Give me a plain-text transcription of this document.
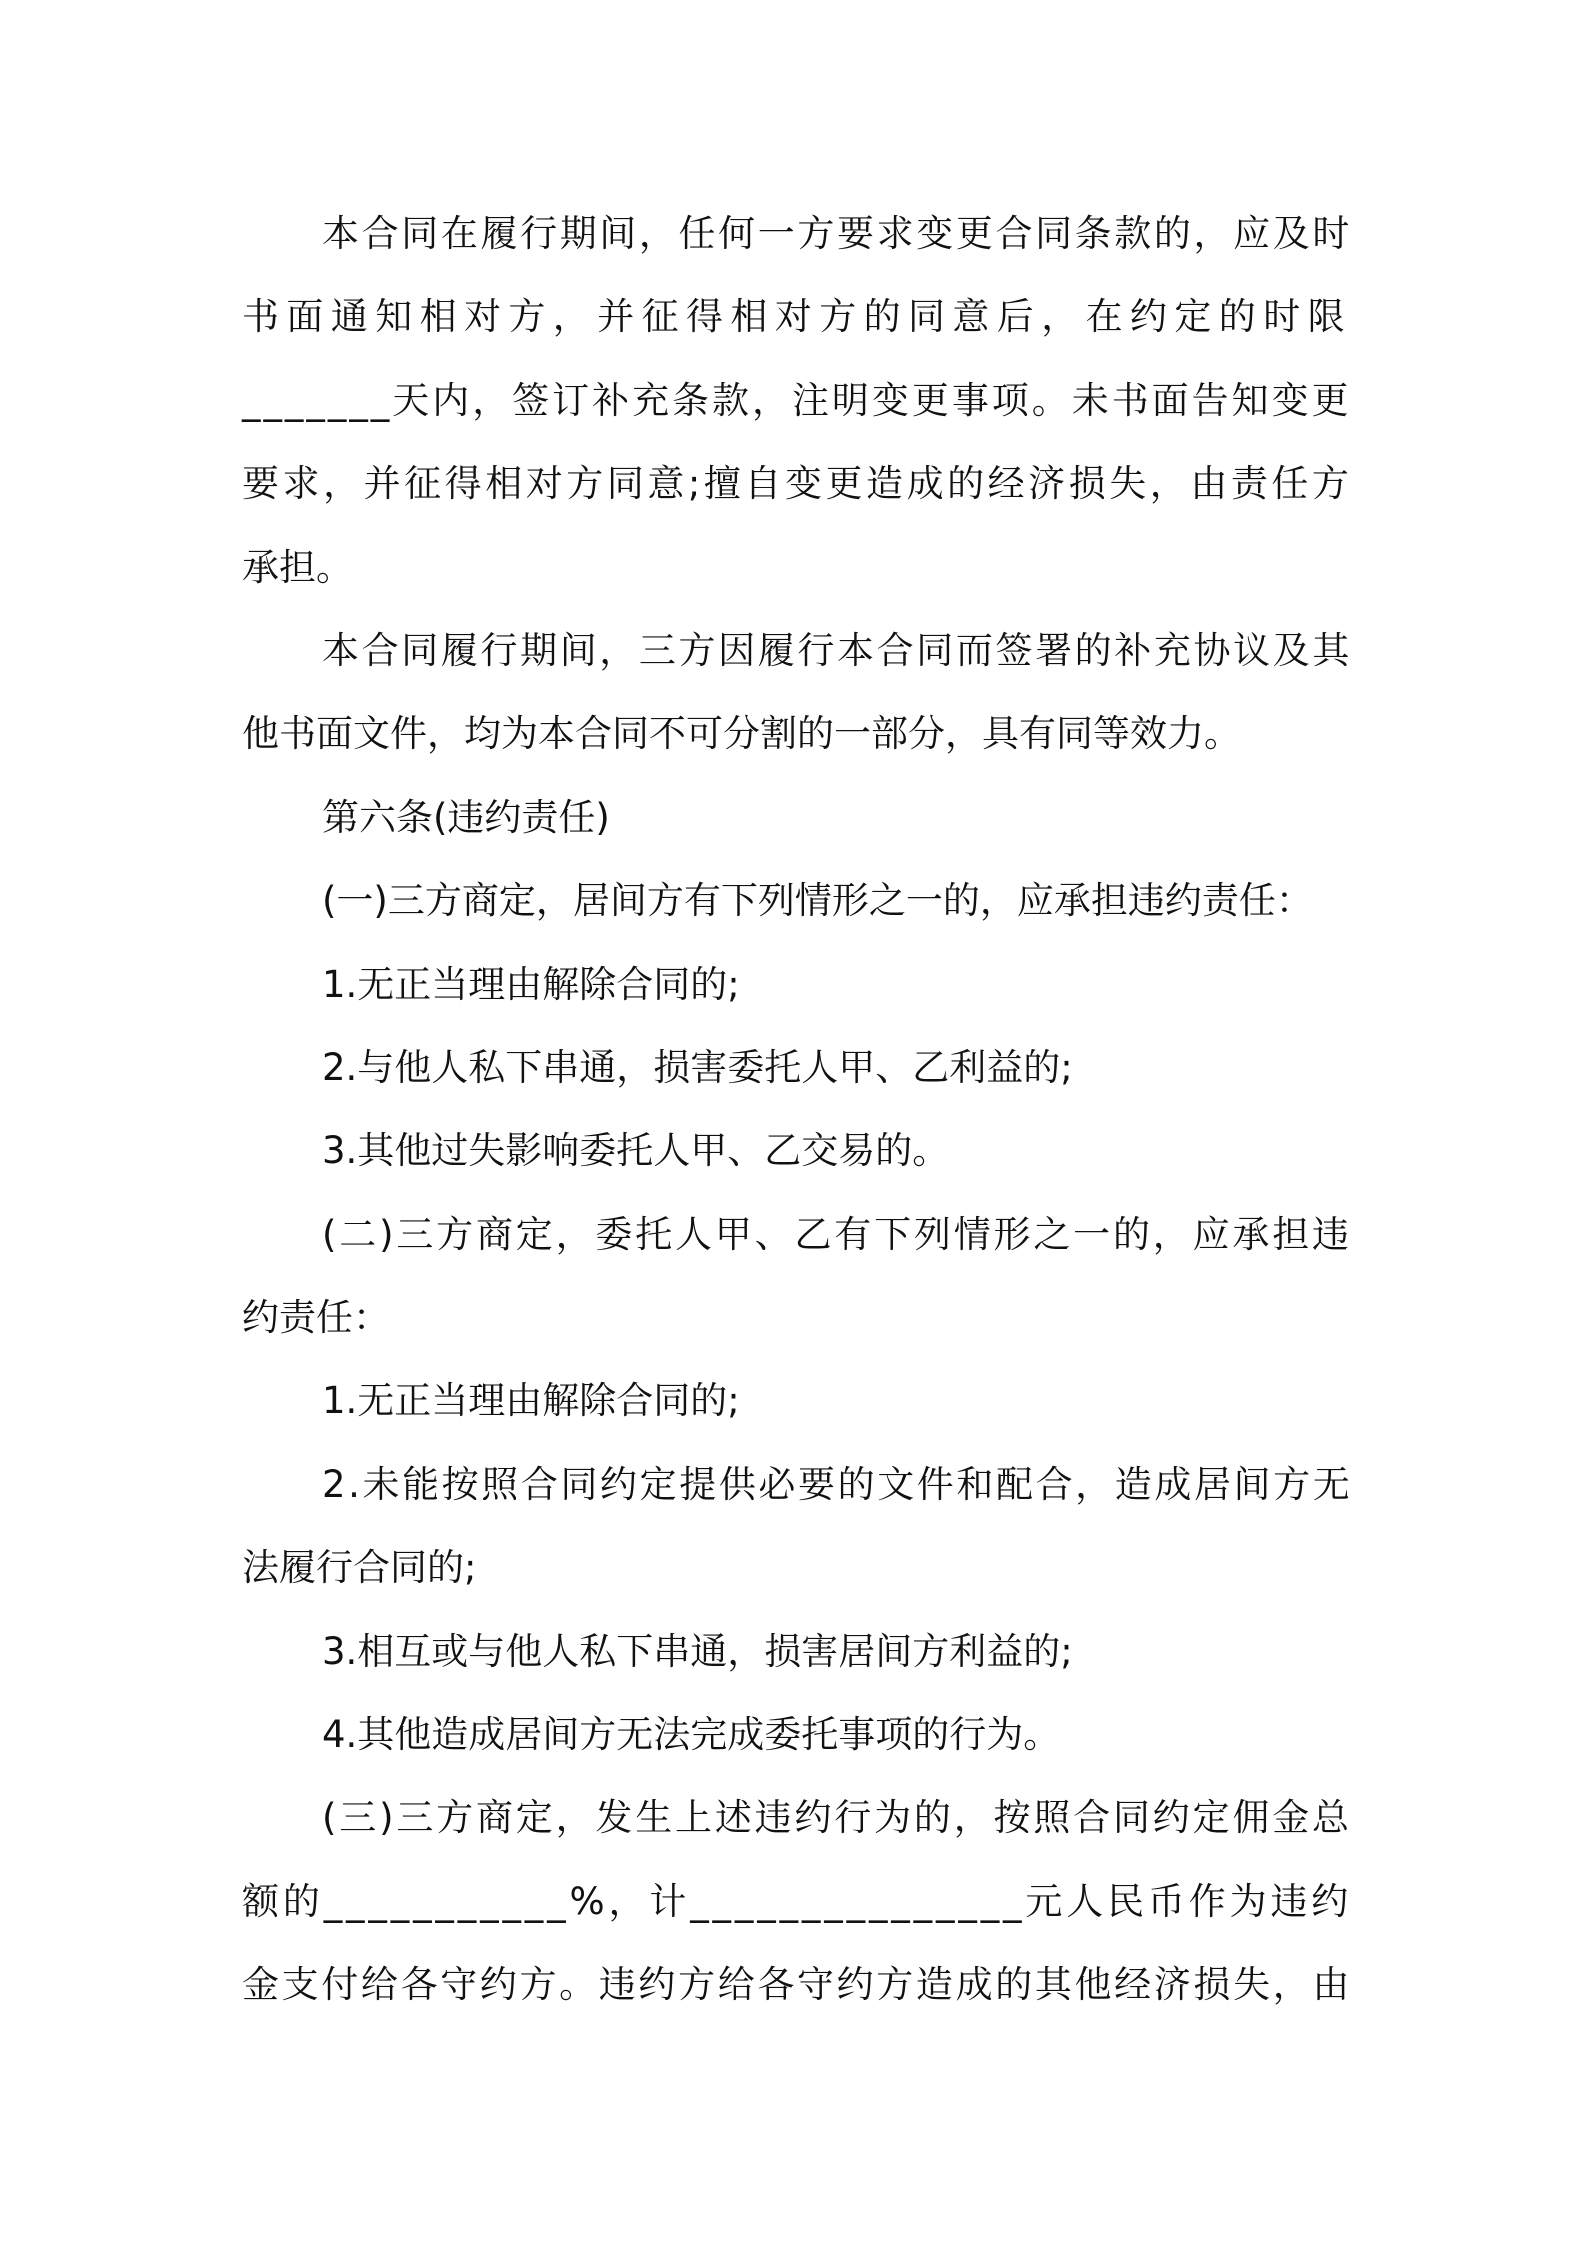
本合同在履行期间，任何一方要求变更合同条款的，应及时
书面通知相对方，并征得相对方的同意后，在约定的时限
_______天内，签订补充条款，注明变更事项。未书面告知变更
要求，并征得相对方同意;擅自变更造成的经济损失，由责任方
承担。
本合同履行期间，三方因履行本合同而签署的补充协议及其
他书面文件，均为本合同不可分割的一部分，具有同等效力。
第六条(违约责任)
(一)三方商定，居间方有下列情形之一的，应承担违约责任：
1.无正当理由解除合同的;
2.与他人私下串通，损害委托人甲、乙利益的;
3.其他过失影响委托人甲、乙交易的。
(二)三方商定，委托人甲、乙有下列情形之一的，应承担违
约责任：
1.无正当理由解除合同的;
2.未能按照合同约定提供必要的文件和配合，造成居间方无
法履行合同的;
3.相互或与他人私下串通，损害居间方利益的;
4.其他造成居间方无法完成委托事项的行为。
(三)三方商定，发生上述违约行为的，按照合同约定佣金总
额的___________%，计_______________元人民币作为违约
金支付给各守约方。违约方给各守约方造成的其他经济损失，由
